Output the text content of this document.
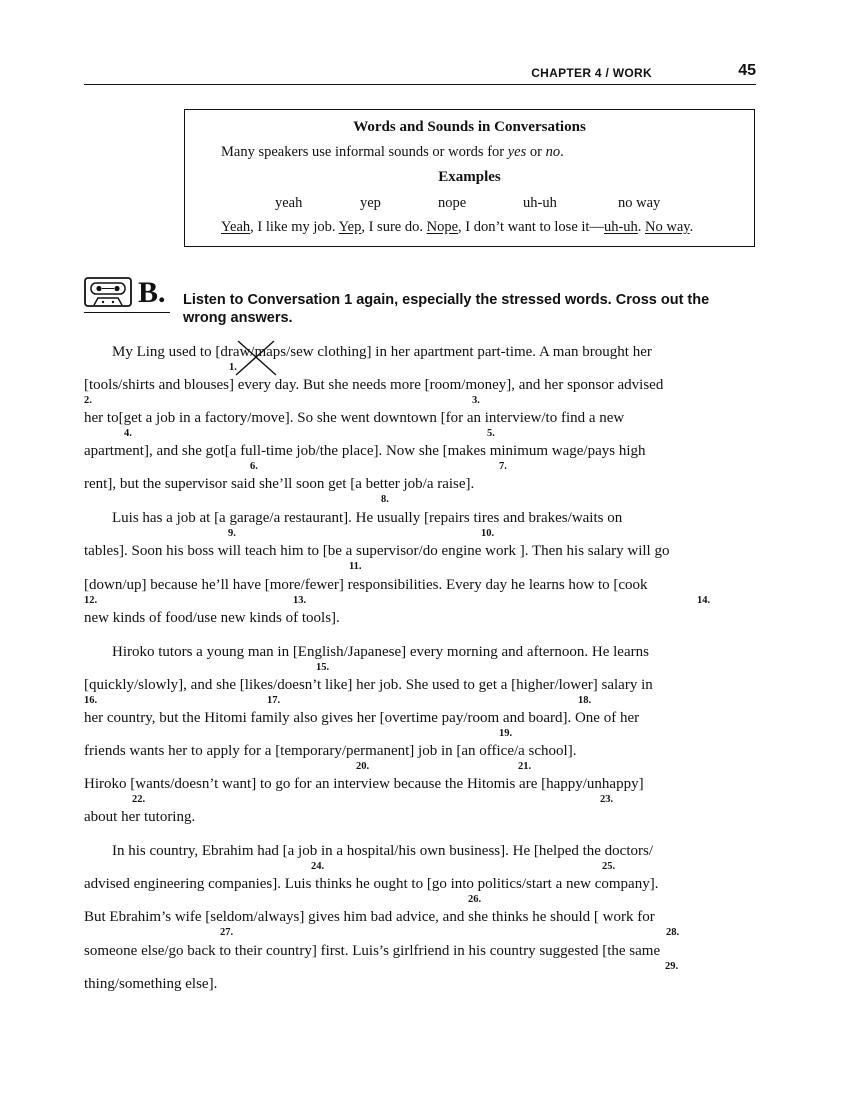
CHAPTER 4 / WORK	45
Words and Sounds in Conversations
Many speakers use informal sounds or words for yes or no.
Examples
yeah	yep	nope	uh-uh	no way
Yeah, I like my job. Yep, I sure do. Nope, I don’t want to lose it—uh-uh. No way.
B. Listen to Conversation 1 again, especially the stressed words. Cross out the
wrong answers.
My Ling used to [draw/maps/sew clothing] in her apartment part-time. A man brought her
1.
[tools/shirts and blouses] every day. But she needs more [room/money], and her sponsor advised
2.	3.
her to[get a job in a factory/move]. So she went downtown [for an interview/to find a new
4.	5.
apartment], and she got[a full-time job/the place]. Now she [makes minimum wage/pays high
6.	7.
rent], but the supervisor said she’ll soon get [a better job/a raise].
8.
Luis has a job at [a garage/a restaurant]. He usually [repairs tires and brakes/waits on
9.	10.
tables]. Soon his boss will teach him to [be a supervisor/do engine work ]. Then his salary will go
11.
[down/up] because he’ll have [more/fewer] responsibilities. Every day he learns how to [cook
12.	13.	14.
new kinds of food/use new kinds of tools].
Hiroko tutors a young man in [English/Japanese] every morning and afternoon. He learns
15.
[quickly/slowly], and she [likes/doesn’t like] her job. She used to get a [higher/lower] salary in
16.	17.	18.
her country, but the Hitomi family also gives her [overtime pay/room and board]. One of her
19.
friends wants her to apply for a [temporary/permanent] job in [an office/a school].
20.	21.
Hiroko [wants/doesn’t want] to go for an interview because the Hitomis are [happy/unhappy]
22.	23.
about her tutoring.
In his country, Ebrahim had [a job in a hospital/his own business]. He [helped the doctors/
24.	25.
advised engineering companies]. Luis thinks he ought to [go into politics/start a new company].
26.
But Ebrahim’s wife [seldom/always] gives him bad advice, and she thinks he should [ work for
27.	28.
someone else/go back to their country] first. Luis’s girlfriend in his country suggested [the same
29.
thing/something else].
